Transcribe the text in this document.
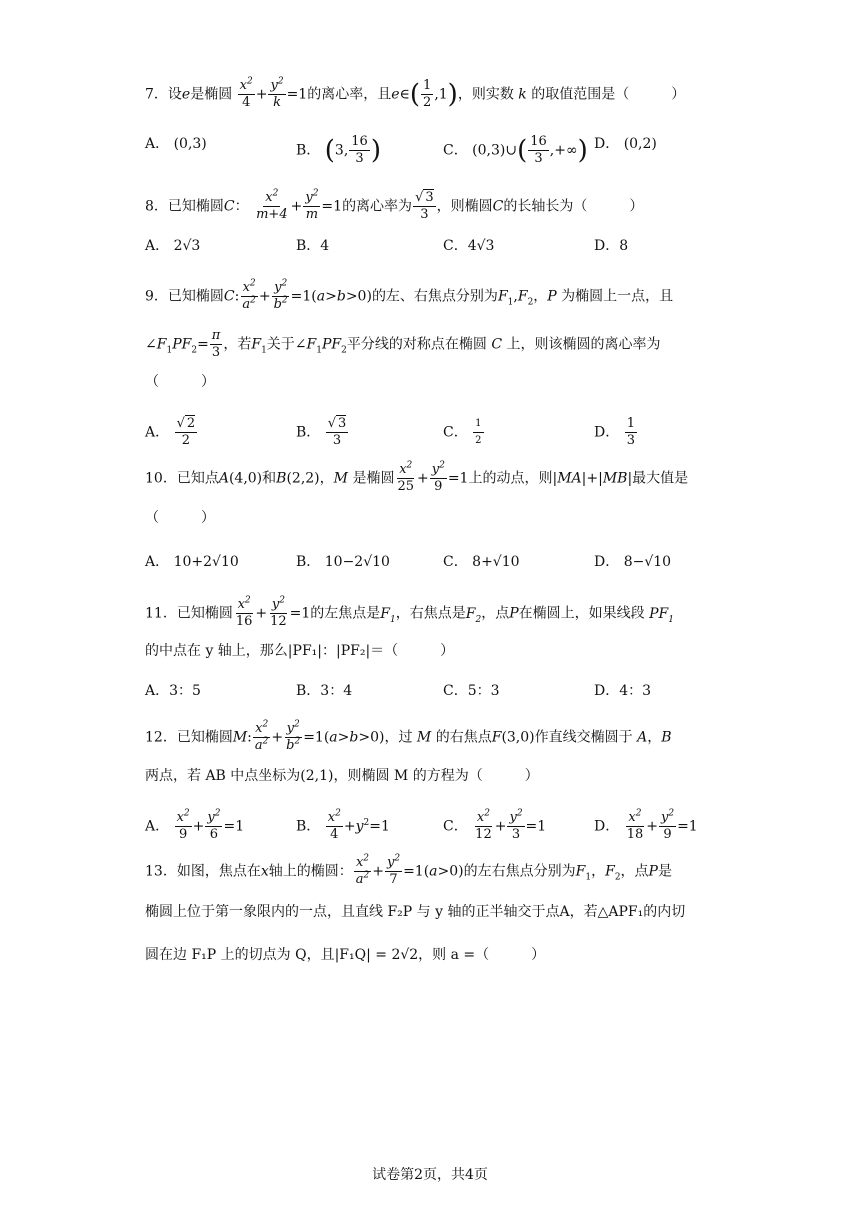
7．设e是椭圆 $\frac{x^2}{4} + \frac{y^2}{k} =1$的离心率，且e∈( $\frac{1}{2} ,1$)，则实数 k 的取值范围是（　　　）
A． (0,3)	B． (3, $\frac{16}{3}$ )	C． (0,3)∪( $\frac{16}{3}$ ,+∞) D． (0,2)
8．已知椭圆C： $\frac{x^2}{m+4} + \frac{y^2}{m} =1$的离心率为 $\frac{√ 3}{3}$ ，则椭圆C的长轴长为（　　　）
A． 2√3	B．4	C．4√3	D．8
9．已知椭圆C: $\frac{x^2}{a^2} + \frac{y^2}{b^2} =1(a>b>0)$的左、右焦点分别为$F_1,F_2$，P 为椭圆上一点，且
$\angle F_1PF_2= \frac{\pi}{3}$ ，若$F_1$关于$\angle F_1PF_2$平分线的对称点在椭圆 C 上，则该椭圆的离心率为
（　　　）
A． $\frac{√ 2}{2}$	B． $\frac{√ 3}{3}$	C． $\frac{1}{2}$	D． $\frac{1}{3}$
10．已知点A(4,0)和B(2,2)，M 是椭圆 $\frac{x^2}{25} + \frac{y^2}{9} =1$上的动点，则|MA|+|MB|最大值是
（　　　）
A． 10+2√10	B． 10−2√10	C． 8+√10	D． 8−√10
11．已知椭圆 $\frac{x^2}{16} + \frac{y^2}{12} =1$的左焦点是$F_1$，右焦点是$F_2$，点P在椭圆上，如果线段 $PF_1$
的中点在 y 轴上，那么|PF₁|：|PF₂|＝（　　　）
A．3：5	B．3：4	C．5：3	D．4：3
12．已知椭圆M: $\frac{x^2}{a^2} + \frac{y^2}{b^2} =1(a>b>0)$，过 M 的右焦点F(3,0)作直线交椭圆于 A，B
两点，若 AB 中点坐标为(2,1)，则椭圆 M 的方程为（　　　）
A． $\frac{x^2}{9} + \frac{y^2}{6} =1$	B． $\frac{x^2}{4} +y^2=1$	C． $\frac{x^2}{12} + \frac{y^2}{3} =1$	D． $\frac{x^2}{18} + \frac{y^2}{9} =1$
13．如图，焦点在x轴上的椭圆： $\frac{x^2}{a^2} + \frac{y^2}{7} =1(a>0)$的左右焦点分别为$F_1$，$F_2$，点P是
椭圆上位于第一象限内的一点，且直线 F₂P 与 y 轴的正半轴交于点A，若△APF₁的内切
圆在边 F₁P 上的切点为 Q，且|F₁Q| = 2√2，则 a =（　　　）
试卷第2页，共4页
